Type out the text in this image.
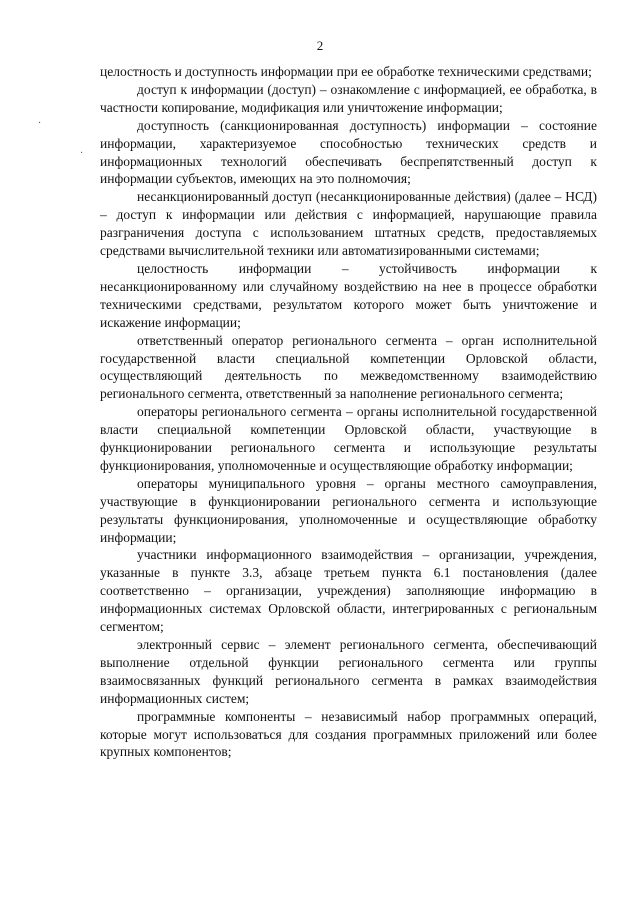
2
·
·

целостность и доступность информации при ее обработке техническими средствами;

доступ к информации (доступ) – ознакомление с информацией, ее обработка, в частности копирование, модификация или уничтожение информации;

доступность (санкционированная доступность) информации – состояние информации, характеризуемое способностью технических средств и информационных технологий обеспечивать беспрепятственный доступ к информации субъектов, имеющих на это полномочия;

несанкционированный доступ (несанкционированные действия) (далее – НСД) – доступ к информации или действия с информацией, нарушающие правила разграничения доступа с использованием штатных средств, предоставляемых средствами вычислительной техники или автоматизированными системами;

целостность информации – устойчивость информации к несанкционированному или случайному воздействию на нее в процессе обработки техническими средствами, результатом которого может быть уничтожение и искажение информации;

ответственный оператор регионального сегмента – орган исполнительной государственной власти специальной компетенции Орловской области, осуществляющий деятельность по межведомственному взаимодействию регионального сегмента, ответственный за наполнение регионального сегмента;

операторы регионального сегмента – органы исполнительной государственной власти специальной компетенции Орловской области, участвующие в функционировании регионального сегмента и использующие результаты функционирования, уполномоченные и осуществляющие обработку информации;

операторы муниципального уровня – органы местного самоуправления, участвующие в функционировании регионального сегмента и использующие результаты функционирования, уполномоченные и осуществляющие обработку информации;

участники информационного взаимодействия – организации, учреждения, указанные в пункте 3.3, абзаце третьем пункта 6.1 постановления (далее соответственно – организации, учреждения) заполняющие информацию в информационных системах Орловской области, интегрированных с региональным сегментом;

электронный сервис – элемент регионального сегмента, обеспечивающий выполнение отдельной функции регионального сегмента или группы взаимосвязанных функций регионального сегмента в рамках взаимодействия информационных систем;

программные компоненты – независимый набор программных операций, которые могут использоваться для создания программных приложений или более крупных компонентов;
